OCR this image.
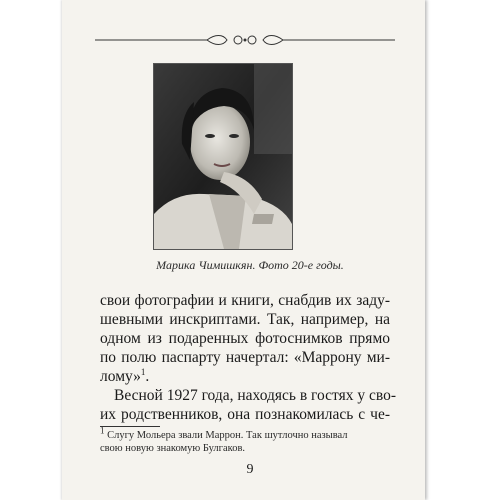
Марика Чимишкян. Фото 20-е годы.
свои фотографии и книги, снабдив их заду-
шевными инскриптами. Так, например, на
одном из подаренных фотоснимков прямо
по полю паспарту начертал: «Маррону ми-
лому»$^1$.
Весной 1927 года, находясь в гостях у сво-
их родственников, она познакомилась с че-
$^1$ Слугу Мольера звали Маррон. Так шутлочно называл
свою новую знакомую Булгаков.
9
